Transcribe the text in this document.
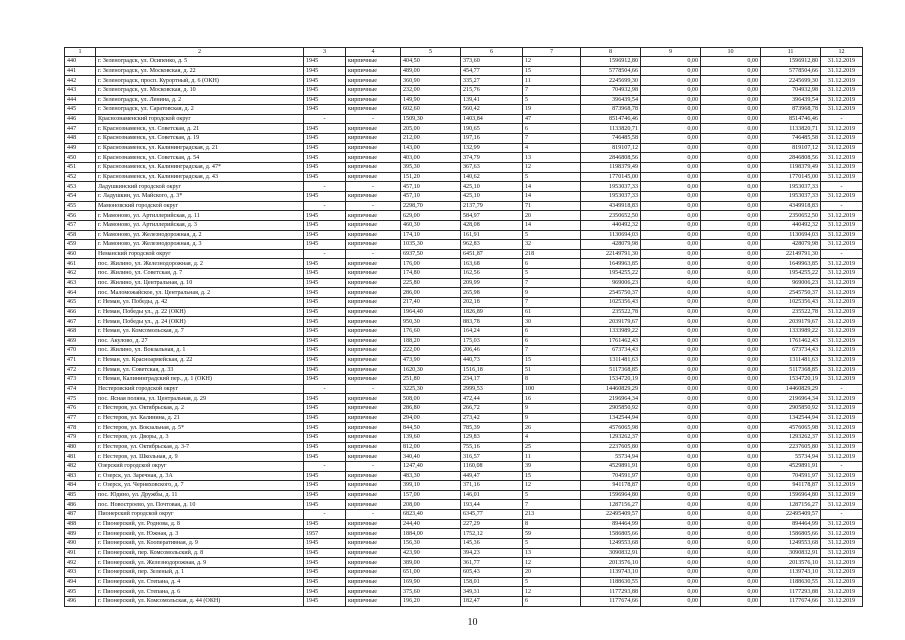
1	2	3	4	5	6	7	8	9	10	11	12
440	г. Зеленоградск, ул. Осипенко, д. 5	1945	кирпичные	404,50	373,60	12	1596912,80	0,00	0,00	1596912,80	31.12.2019
441	г. Зеленоградск, ул. Московская, д. 22	1945	кирпичные	489,00	454,77	15	5778504,66	0,00	0,00	5778504,66	31.12.2019
442	г. Зеленоградск, просп. Курортный, д. 6 (ОКН)	1945	кирпичные	360,90	335,27	11	2245699,30	0,00	0,00	2245699,30	31.12.2019
443	г. Зеленоградск, ул. Московская, д. 10	1945	кирпичные	232,00	215,76	7	704932,98	0,00	0,00	704932,98	31.12.2019
444	г. Зеленоградск, ул. Ленина, д. 2	1945	кирпичные	149,90	139,41	5	396439,54	0,00	0,00	396439,54	31.12.2019
445	г. Зеленоградск, ул. Саратовская, д. 2	1945	кирпичные	602,60	560,42	19	873968,78	0,00	0,00	873968,78	31.12.2019
446	Краснознаменский городской округ	-	-	1509,30	1403,84	47	8514746,46	0,00	0,00	8514746,46	-
447	г. Краснознаменск, ул. Советская, д. 21	1945	кирпичные	205,00	190,65	6	1133820,71	0,00	0,00	1133820,71	31.12.2019
448	г. Краснознаменск, ул. Советская, д. 19	1945	кирпичные	212,00	197,16	7	746485,58	0,00	0,00	746485,58	31.12.2019
449	г. Краснознаменск, ул. Калининградская, д. 21	1945	кирпичные	143,00	132,99	4	819107,12	0,00	0,00	819107,12	31.12.2019
450	г. Краснознаменск, ул. Советская, д. 54	1945	кирпичные	403,00	374,79	13	2846808,56	0,00	0,00	2846808,56	31.12.2019
451	г. Краснознаменск, ул. Калининградская, д. 47*	1945	кирпичные	395,30	367,63	12	1198379,49	0,00	0,00	1198379,49	31.12.2019
452	г. Краснознаменск, ул. Калининградская, д. 43	1945	кирпичные	151,20	140,62	5	1770145,00	0,00	0,00	1770145,00	31.12.2019
453	Ладушкинский городской округ	-	-	457,10	425,10	14	1953037,33	0,00	0,00	1953037,33	-
454	г. Ладушкин, ул. Майского, д. 3*	1945	кирпичные	457,10	425,10	14	1953037,33	0,00	0,00	1953037,33	31.12.2019
455	Мамоновский городской округ	-	-	2298,70	2137,79	71	4349918,83	0,00	0,00	4349918,83	-
456	г. Мамоново, ул. Артиллерийская, д. 11	1945	кирпичные	629,00	584,97	20	2350652,50	0,00	0,00	2350652,50	31.12.2019
457	г. Мамоново, ул. Артиллерийская, д. 3	1945	кирпичные	460,30	428,08	14	440492,32	0,00	0,00	440492,32	31.12.2019
458	г. Мамоново, ул. Железнодорожная, д. 2	1945	кирпичные	174,10	161,91	5	1130694,03	0,00	0,00	1130694,03	31.12.2019
459	г. Мамоново, ул. Железнодорожная, д. 3	1945	кирпичные	1035,30	962,83	32	428079,98	0,00	0,00	428079,98	31.12.2019
460	Неманский городской округ	-	-	6937,50	6451,87	218	22149791,30	0,00	0,00	22149791,30	-
461	пос. Жилино, ул. Железнодорожная, д. 2	1945	кирпичные	176,00	163,68	6	1649963,85	0,00	0,00	1649963,85	31.12.2019
462	пос. Жилино, ул. Советская, д. 7	1945	кирпичные	174,80	162,56	5	1954255,22	0,00	0,00	1954255,22	31.12.2019
463	пос. Жилино, ул. Центральная, д. 10	1945	кирпичные	225,80	209,99	7	969006,23	0,00	0,00	969006,23	31.12.2019
464	пос. Маломожайское, ул. Центральная, д. 2	1945	кирпичные	286,00	265,98	9	2545750,37	0,00	0,00	2545750,37	31.12.2019
465	г. Неман, ул. Победы, д. 42	1945	кирпичные	217,40	202,18	7	1025356,43	0,00	0,00	1025356,43	31.12.2019
466	г. Неман, Победы ул., д. 22 (ОКН)	1945	кирпичные	1964,40	1826,89	61	235522,78	0,00	0,00	235522,78	31.12.2019
467	г. Неман, Победы ул., д. 24 (ОКН)	1945	кирпичные	950,30	883,78	30	2039179,67	0,00	0,00	2039179,67	31.12.2019
468	г. Неман, ул. Комсомольская, д. 7	1945	кирпичные	176,60	164,24	6	1333989,22	0,00	0,00	1333989,22	31.12.2019
469	пос. Акулово, д. 27	1945	кирпичные	188,20	175,03	6	1761462,43	0,00	0,00	1761462,43	31.12.2019
470	пос. Жилино, ул. Вокзальная, д. 1	1945	кирпичные	222,00	206,46	7	673734,43	0,00	0,00	673734,43	31.12.2019
471	г. Неман, ул. Красноармейская, д. 22	1945	кирпичные	473,90	440,73	15	1311481,63	0,00	0,00	1311481,63	31.12.2019
472	г. Неман, ул. Советская, д. 33	1945	кирпичные	1620,30	1516,18	51	5117368,85	0,00	0,00	5117368,85	31.12.2019
473	г. Неман, Калининградский пер., д. 1 (ОКН)	1945	кирпичные	251,80	234,17	8	1534720,19	0,00	0,00	1534720,19	31.12.2019
474	Нестеровский городской округ	-	-	3225,30	2999,53	100	14460829,29	0,00	0,00	14460829,29	-
475	пос. Ясная поляна, ул. Центральная, д. 29	1945	кирпичные	508,00	472,44	16	2196964,34	0,00	0,00	2196964,34	31.12.2019
476	г. Нестеров, ул. Октябрьская, д. 2	1945	кирпичные	286,80	266,72	9	2905850,92	0,00	0,00	2905850,92	31.12.2019
477	г. Нестеров, ул. Калинина, д. 21	1945	кирпичные	294,00	273,42	9	1342544,94	0,00	0,00	1342544,94	31.12.2019
478	г. Нестеров, ул. Вокзальная, д. 5*	1945	кирпичные	844,50	785,39	26	4576065,98	0,00	0,00	4576065,98	31.12.2019
479	г. Нестеров, ул. Дворы, д. 3	1945	кирпичные	139,60	129,83	4	1293262,37	0,00	0,00	1293262,37	31.12.2019
480	г. Нестеров, ул. Октябрьская, д. 3-7	1945	кирпичные	812,00	755,16	25	2237605,80	0,00	0,00	2237605,80	31.12.2019
481	г. Нестеров, ул. Школьная, д. 9	1945	кирпичные	340,40	316,57	11	55734,94	0,00	0,00	55734,94	31.12.2019
482	Озерский городской округ	-	-	1247,40	1160,08	39	4529891,91	0,00	0,00	4529891,91	-
483	г. Озерск, ул. Заречная, д. 3А	1945	кирпичные	483,30	449,47	15	704591,97	0,00	0,00	704591,97	31.12.2019
484	г. Озерск, ул. Черняховского, д. 7	1945	кирпичные	399,10	371,16	12	941178,87	0,00	0,00	941178,87	31.12.2019
485	пос. Юдино, ул. Дружбы, д. 11	1945	кирпичные	157,00	146,01	5	1596964,80	0,00	0,00	1596964,80	31.12.2019
486	пос. Новостроево, ул. Почтовая, д. 10	1945	кирпичные	208,00	193,44	7	1287156,27	0,00	0,00	1287156,27	31.12.2019
487	Пионерский городской округ	-	-	6823,40	6345,77	213	22495409,57	0,00	0,00	22495409,57	-
488	г. Пионерский, ул. Роднова, д. 8	1945	кирпичные	244,40	227,29	8	894464,99	0,00	0,00	894464,99	31.12.2019
489	г. Пионерский, ул. Южная, д. 3	1957	кирпичные	1884,00	1752,12	59	1586805,66	0,00	0,00	1586805,66	31.12.2019
490	г. Пионерский, ул. Кооперативная, д. 9	1945	кирпичные	156,30	145,36	5	1249553,68	0,00	0,00	1249553,68	31.12.2019
491	г. Пионерский, пер. Комсомольский, д. 8	1945	кирпичные	423,90	394,23	13	3090832,91	0,00	0,00	3090832,91	31.12.2019
492	г. Пионерский, ул. Железнодорожная, д. 9	1945	кирпичные	389,00	361,77	12	2013576,10	0,00	0,00	2013576,10	31.12.2019
493	г. Пионерский, пер. Зеленый, д. 1	1945	кирпичные	651,00	605,43	20	1139743,10	0,00	0,00	1139743,10	31.12.2019
494	г. Пионерский, ул. Степана, д. 4	1945	кирпичные	169,90	158,01	5	1188630,55	0,00	0,00	1188630,55	31.12.2019
495	г. Пионерский, ул. Степана, д. 6	1945	кирпичные	375,60	349,31	12	1177293,88	0,00	0,00	1177293,88	31.12.2019
496	г. Пионерский, ул. Комсомольская, д. 44 (ОКН)	1945	кирпичные	196,20	182,47	6	1177674,66	0,00	0,00	1177674,66	31.12.2019
10
